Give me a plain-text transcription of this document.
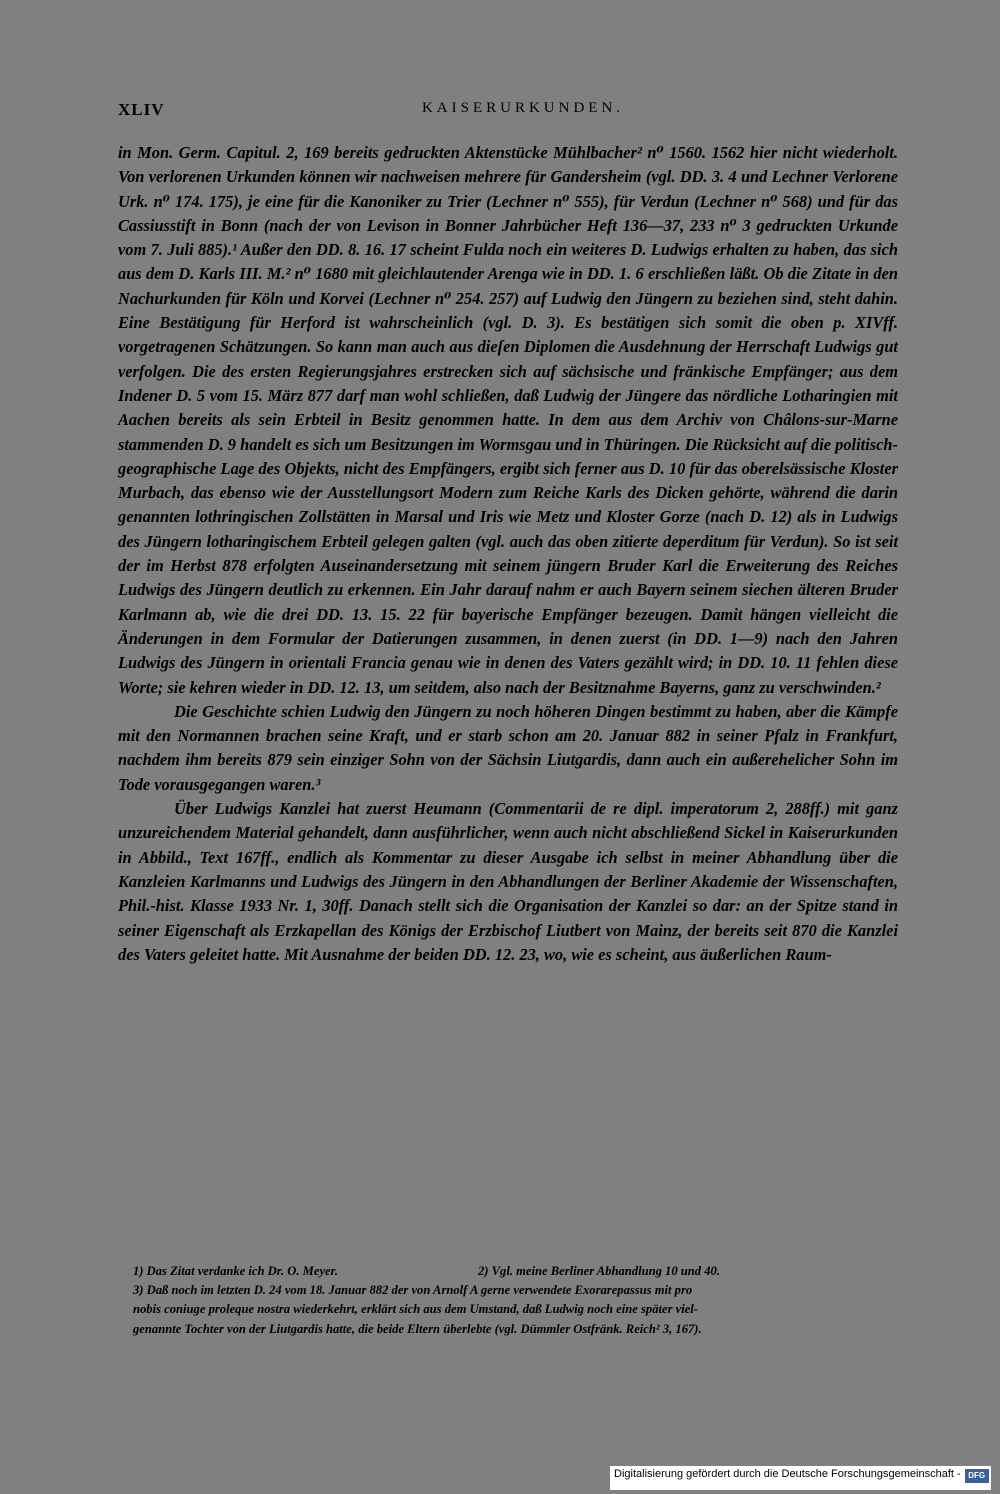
XLIV	KAISERURKUNDEN.

in Mon. Germ. Capitul. 2, 169 bereits gedruckten Aktenstücke Mühlbacher² n⁰ 1560. 1562 hier nicht wiederholt. Von verlorenen Urkunden können wir nachweisen mehrere für Gandersheim (vgl. DD. 3. 4 und Lechner Verlorene Urk. n⁰ 174. 175), je eine für die Kanoniker zu Trier (Lechner n⁰ 555), für Verdun (Lechner n⁰ 568) und für das Cassiusstift in Bonn (nach der von Levison in Bonner Jahrbücher Heft 136—37, 233 n⁰ 3 gedruckten Urkunde vom 7. Juli 885).¹ Außer den DD. 8. 16. 17 scheint Fulda noch ein weiteres D. Ludwigs erhalten zu haben, das sich aus dem D. Karls III. M.² n⁰ 1680 mit gleichlautender Arenga wie in DD. 1. 6 erschließen läßt. Ob die Zitate in den Nachurkunden für Köln und Korvei (Lechner n⁰ 254. 257) auf Ludwig den Jüngern zu beziehen sind, steht dahin. Eine Bestätigung für Herford ist wahrscheinlich (vgl. D. 3). Es bestätigen sich somit die oben p. XIVff. vorgetragenen Schätzungen. So kann man auch aus dieſen Diplomen die Ausdehnung der Herrschaft Ludwigs gut verfolgen. Die des ersten Regierungsjahres erstrecken sich auf sächsische und fränkische Empfänger; aus dem Indener D. 5 vom 15. März 877 darf man wohl schließen, daß Ludwig der Jüngere das nördliche Lotharingien mit Aachen bereits als sein Erbteil in Besitz genommen hatte. In dem aus dem Archiv von Châlons-sur-Marne stammenden D. 9 handelt es sich um Besitzungen im Wormsgau und in Thüringen. Die Rücksicht auf die politisch-geographische Lage des Objekts, nicht des Empfängers, ergibt sich ferner aus D. 10 für das oberelsässische Kloster Murbach, das ebenso wie der Ausstellungsort Modern zum Reiche Karls des Dicken gehörte, während die darin genannten lothringischen Zollstätten in Marsal und Iris wie Metz und Kloster Gorze (nach D. 12) als in Ludwigs des Jüngern lotharingischem Erbteil gelegen galten (vgl. auch das oben zitierte deperditum für Verdun). So ist seit der im Herbst 878 erfolgten Auseinandersetzung mit seinem jüngern Bruder Karl die Erweiterung des Reiches Ludwigs des Jüngern deutlich zu erkennen. Ein Jahr darauf nahm er auch Bayern seinem siechen älteren Bruder Karlmann ab, wie die drei DD. 13. 15. 22 für bayerische Empfänger bezeugen. Damit hängen vielleicht die Änderungen in dem Formular der Datierungen zusammen, in denen zuerst (in DD. 1—9) nach den Jahren Ludwigs des Jüngern in orientali Francia genau wie in denen des Vaters gezählt wird; in DD. 10. 11 fehlen diese Worte; sie kehren wieder in DD. 12. 13, um seitdem, also nach der Besitznahme Bayerns, ganz zu verschwinden.²

Die Geschichte schien Ludwig den Jüngern zu noch höheren Dingen bestimmt zu haben, aber die Kämpfe mit den Normannen brachen seine Kraft, und er starb schon am 20. Januar 882 in seiner Pfalz in Frankfurt, nachdem ihm bereits 879 sein einziger Sohn von der Sächsin Liutgardis, dann auch ein außerehelicher Sohn im Tode vorausgegangen waren.³

Über Ludwigs Kanzlei hat zuerst Heumann (Commentarii de re dipl. imperatorum 2, 288ff.) mit ganz unzureichendem Material gehandelt, dann ausführlicher, wenn auch nicht abschließend Sickel in Kaiserurkunden in Abbild., Text 167ff., endlich als Kommentar zu dieser Ausgabe ich selbst in meiner Abhandlung über die Kanzleien Karlmanns und Ludwigs des Jüngern in den Abhandlungen der Berliner Akademie der Wissenschaften, Phil.-hist. Klasse 1933 Nr. 1, 30ff. Danach stellt sich die Organisation der Kanzlei so dar: an der Spitze stand in seiner Eigenschaft als Erzkapellan des Königs der Erzbischof Liutbert von Mainz, der bereits seit 870 die Kanzlei des Vaters geleitet hatte. Mit Ausnahme der beiden DD. 12. 23, wo, wie es scheint, aus äußerlichen Raum-

1) Das Zitat verdanke ich Dr. O. Meyer.	2) Vgl. meine Berliner Abhandlung 10 und 40.
3) Daß noch im letzten D. 24 vom 18. Januar 882 der von Arnolf A gerne verwendete Exorarepassus mit pro
nobis coniuge proleque nostra wiederkehrt, erklärt sich aus dem Umstand, daß Ludwig noch eine später viel-
genannte Tochter von der Liutgardis hatte, die beide Eltern überlebte (vgl. Dümmler Ostfränk. Reich² 3, 167).
Digitalisierung gefördert durch die Deutsche Forschungsgemeinschaft - DFG
